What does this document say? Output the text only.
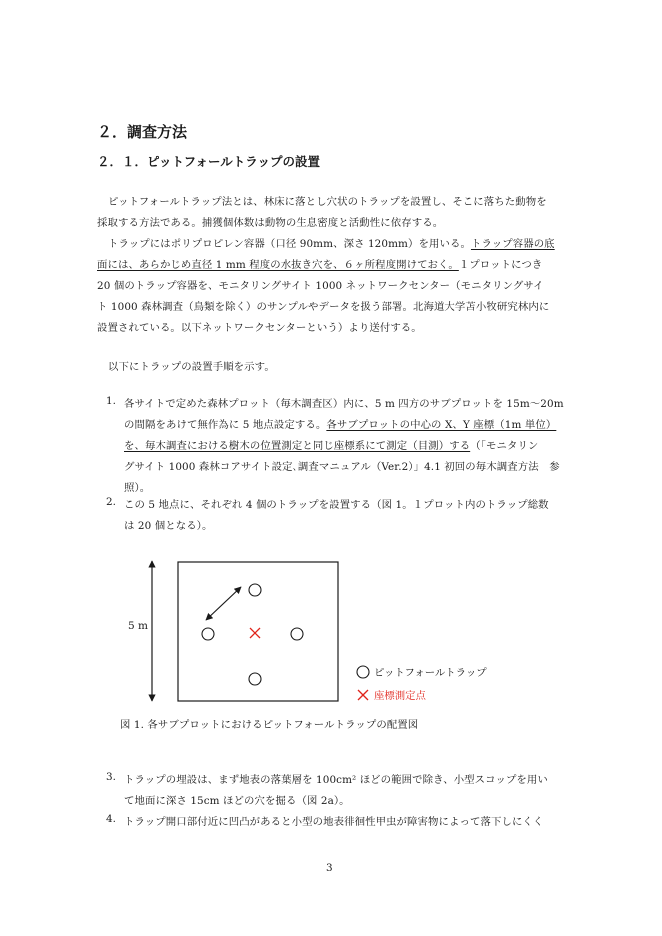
２．調査方法
２．１．ピットフォールトラップの設置
ピットフォールトラップ法とは、林床に落とし穴状のトラップを設置し、そこに落ちた動物を
採取する方法である。捕獲個体数は動物の生息密度と活動性に依存する。
トラップにはポリプロピレン容器（口径 90mm、深さ 120mm）を用いる。トラップ容器の底
面には、あらかじめ直径 1 mm 程度の水抜き穴を、６ヶ所程度開けておく。１プロットにつき
20 個のトラップ容器を、モニタリングサイト 1000 ネットワークセンター（モニタリングサイ
ト 1000 森林調査（鳥類を除く）のサンプルやデータを扱う部署。北海道大学苫小牧研究林内に
設置されている。以下ネットワークセンターという）より送付する。
以下にトラップの設置手順を示す。
1. 各サイトで定めた森林プロット（毎木調査区）内に、5 m 四方のサブプロットを 15m～20m
の間隔をあけて無作為に 5 地点設定する。各サブプロットの中心の X、Y 座標（1m 単位）
を、毎木調査における樹木の位置測定と同じ座標系にて測定（目測）する（「モニタリン
グサイト 1000 森林コアサイト設定､調査マニュアル（Ver.2）」4.1 初回の毎木調査方法　参
照）。
2. この 5 地点に、それぞれ 4 個のトラップを設置する（図 1。１プロット内のトラップ総数
は 20 個となる）。
5 m
ピットフォールトラップ
座標測定点
図 1. 各サブプロットにおけるピットフォールトラップの配置図
3. トラップの埋設は、まず地表の落葉層を 100cm² ほどの範囲で除き、小型スコップを用い
て地面に深さ 15cm ほどの穴を掘る（図 2a）。
4. トラップ開口部付近に凹凸があると小型の地表徘徊性甲虫が障害物によって落下しにくく
3
